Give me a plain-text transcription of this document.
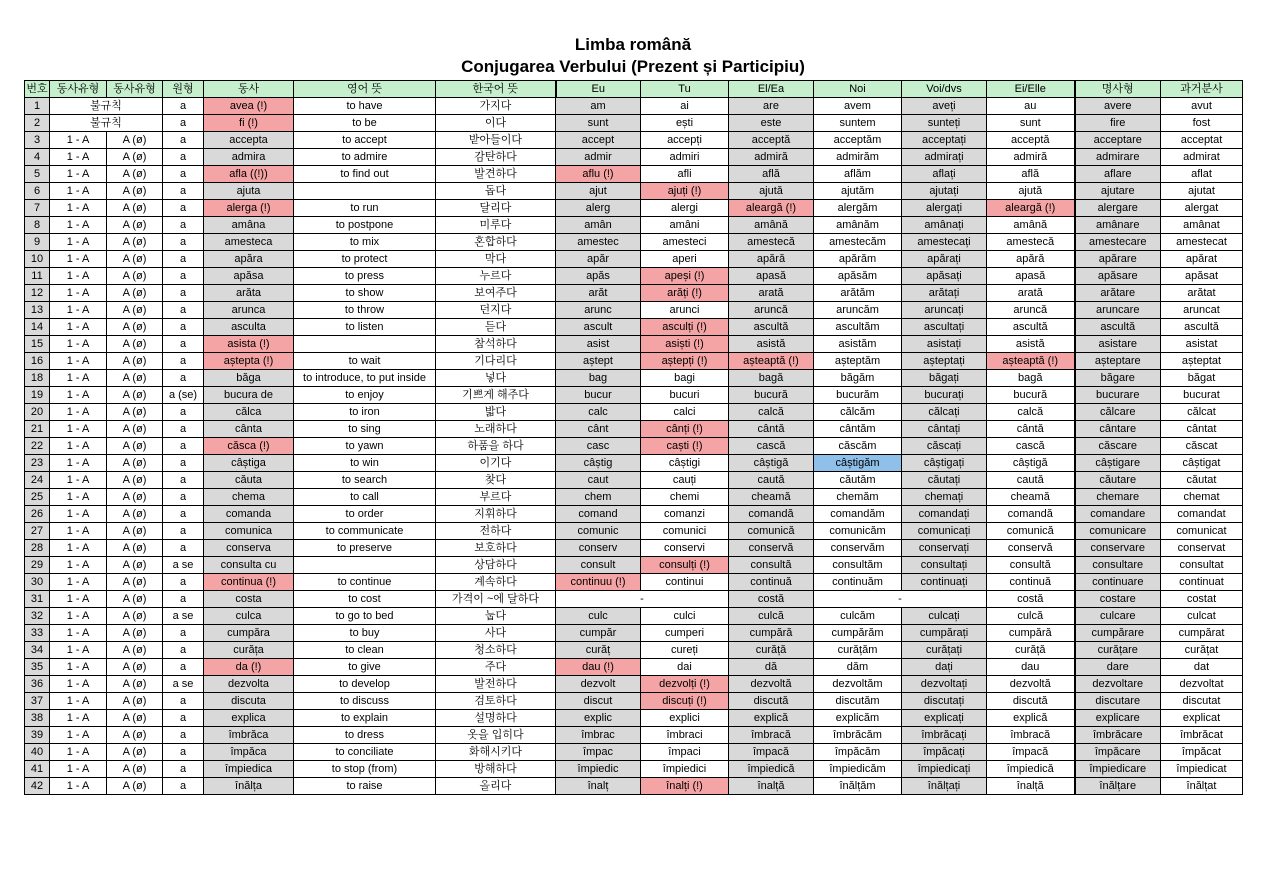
Limba română
Conjugarea Verbului (Prezent și Participiu)
번호	동사유형	동사유형	원형	동사	영어 뜻	한국어 뜻	Eu	Tu	El/Ea	Noi	Voi/dvs	Ei/Elle	명사형	과거분사
1	불규칙		a	avea (!)	to have	가지다	am	ai	are	avem	aveți	au	avere	avut
2	불규칙		a	fi (!)	to be	이다	sunt	ești	este	suntem	sunteți	sunt	fire	fost
3	1 - A	A (ø)	a	accepta	to accept	받아들이다	accept	accepți	acceptă	acceptăm	acceptați	acceptă	acceptare	acceptat
4	1 - A	A (ø)	a	admira	to admire	감탄하다	admir	admiri	admiră	admirăm	admirați	admiră	admirare	admirat
5	1 - A	A (ø)	a	afla ((!))	to find out	발견하다	aflu (!)	afli	află	aflăm	aflați	află	aflare	aflat
6	1 - A	A (ø)	a	ajuta		돕다	ajut	ajuți (!)	ajută	ajutăm	ajutați	ajută	ajutare	ajutat
7	1 - A	A (ø)	a	alerga (!)	to run	달리다	alerg	alergi	aleargă (!)	alergăm	alergați	aleargă (!)	alergare	alergat
8	1 - A	A (ø)	a	amâna	to postpone	미루다	amân	amâni	amână	amânăm	amânați	amână	amânare	amânat
9	1 - A	A (ø)	a	amesteca	to mix	혼합하다	amestec	amesteci	amestecă	amestecăm	amestecați	amestecă	amestecare	amestecat
10	1 - A	A (ø)	a	apăra	to protect	막다	apăr	aperi	apără	apărăm	apărați	apără	apărare	apărat
11	1 - A	A (ø)	a	apăsa	to press	누르다	apăs	apeși (!)	apasă	apăsăm	apăsați	apasă	apăsare	apăsat
12	1 - A	A (ø)	a	arăta	to show	보여주다	arăt	arăți (!)	arată	arătăm	arătați	arată	arătare	arătat
13	1 - A	A (ø)	a	arunca	to throw	던지다	arunc	arunci	aruncă	aruncăm	aruncați	aruncă	aruncare	aruncat
14	1 - A	A (ø)	a	asculta	to listen	듣다	ascult	asculți (!)	ascultă	ascultăm	ascultați	ascultă	ascultă	ascultă
15	1 - A	A (ø)	a	asista (!)		참석하다	asist	asiști (!)	asistă	asistăm	asistați	asistă	asistare	asistat
16	1 - A	A (ø)	a	aștepta (!)	to wait	기다리다	aștept	aștepți (!)	așteaptă (!)	așteptăm	așteptați	așteaptă (!)	așteptare	așteptat
18	1 - A	A (ø)	a	băga	to introduce, to put inside	넣다	bag	bagi	bagă	băgăm	băgați	bagă	băgare	băgat
19	1 - A	A (ø)	a (se)	bucura de	to enjoy	기쁘게 해주다	bucur	bucuri	bucură	bucurăm	bucurați	bucură	bucurare	bucurat
20	1 - A	A (ø)	a	călca	to iron	밟다	calc	calci	calcă	călcăm	călcați	calcă	călcare	călcat
21	1 - A	A (ø)	a	cânta	to sing	노래하다	cânt	cânți (!)	cântă	cântăm	cântați	cântă	cântare	cântat
22	1 - A	A (ø)	a	căsca (!)	to yawn	하품을 하다	casc	caști (!)	cască	căscăm	căscați	cască	căscare	căscat
23	1 - A	A (ø)	a	câștiga	to win	이기다	câștig	câștigi	câștigă	câștigăm	câștigați	câștigă	câștigare	câștigat
24	1 - A	A (ø)	a	căuta	to search	찾다	caut	cauți	caută	căutăm	căutați	caută	căutare	căutat
25	1 - A	A (ø)	a	chema	to call	부르다	chem	chemi	cheamă	chemăm	chemați	cheamă	chemare	chemat
26	1 - A	A (ø)	a	comanda	to order	지휘하다	comand	comanzi	comandă	comandăm	comandați	comandă	comandare	comandat
27	1 - A	A (ø)	a	comunica	to communicate	전하다	comunic	comunici	comunică	comunicăm	comunicați	comunică	comunicare	comunicat
28	1 - A	A (ø)	a	conserva	to preserve	보호하다	conserv	conservi	conservă	conservăm	conservați	conservă	conservare	conservat
29	1 - A	A (ø)	a se	consulta cu		상담하다	consult	consulți (!)	consultă	consultăm	consultați	consultă	consultare	consultat
30	1 - A	A (ø)	a	continua (!)	to continue	계속하다	continuu (!)	continui	continuă	continuăm	continuați	continuă	continuare	continuat
31	1 - A	A (ø)	a	costa	to cost	가격이 ~에 달하다	-		costă	-		costă	costare	costat
32	1 - A	A (ø)	a se	culca	to go to bed	눕다	culc	culci	culcă	culcăm	culcați	culcă	culcare	culcat
33	1 - A	A (ø)	a	cumpăra	to buy	사다	cumpăr	cumperi	cumpără	cumpărăm	cumpărați	cumpără	cumpărare	cumpărat
34	1 - A	A (ø)	a	curăța	to clean	청소하다	curăț	cureți	curăță	curățăm	curățați	curăță	curățare	curățat
35	1 - A	A (ø)	a	da (!)	to give	주다	dau (!)	dai	dă	dăm	dați	dau	dare	dat
36	1 - A	A (ø)	a se	dezvolta	to develop	발전하다	dezvolt	dezvolți (!)	dezvoltă	dezvoltăm	dezvoltați	dezvoltă	dezvoltare	dezvoltat
37	1 - A	A (ø)	a	discuta	to discuss	검토하다	discut	discuți (!)	discută	discutăm	discutați	discută	discutare	discutat
38	1 - A	A (ø)	a	explica	to explain	설명하다	explic	explici	explică	explicăm	explicați	explică	explicare	explicat
39	1 - A	A (ø)	a	îmbrăca	to dress	옷을 입히다	îmbrac	îmbraci	îmbracă	îmbrăcăm	îmbrăcați	îmbracă	îmbrăcare	îmbrăcat
40	1 - A	A (ø)	a	împăca	to conciliate	화해시키다	împac	împaci	împacă	împăcăm	împăcați	împacă	împăcare	împăcat
41	1 - A	A (ø)	a	împiedica	to stop (from)	방해하다	împiedic	împiedici	împiedică	împiedicăm	împiedicați	împiedică	împiedicare	împiedicat
42	1 - A	A (ø)	a	înălța	to raise	올리다	înalț	înalți (!)	înalță	înălțăm	înălțați	înalță	înălțare	înălțat
